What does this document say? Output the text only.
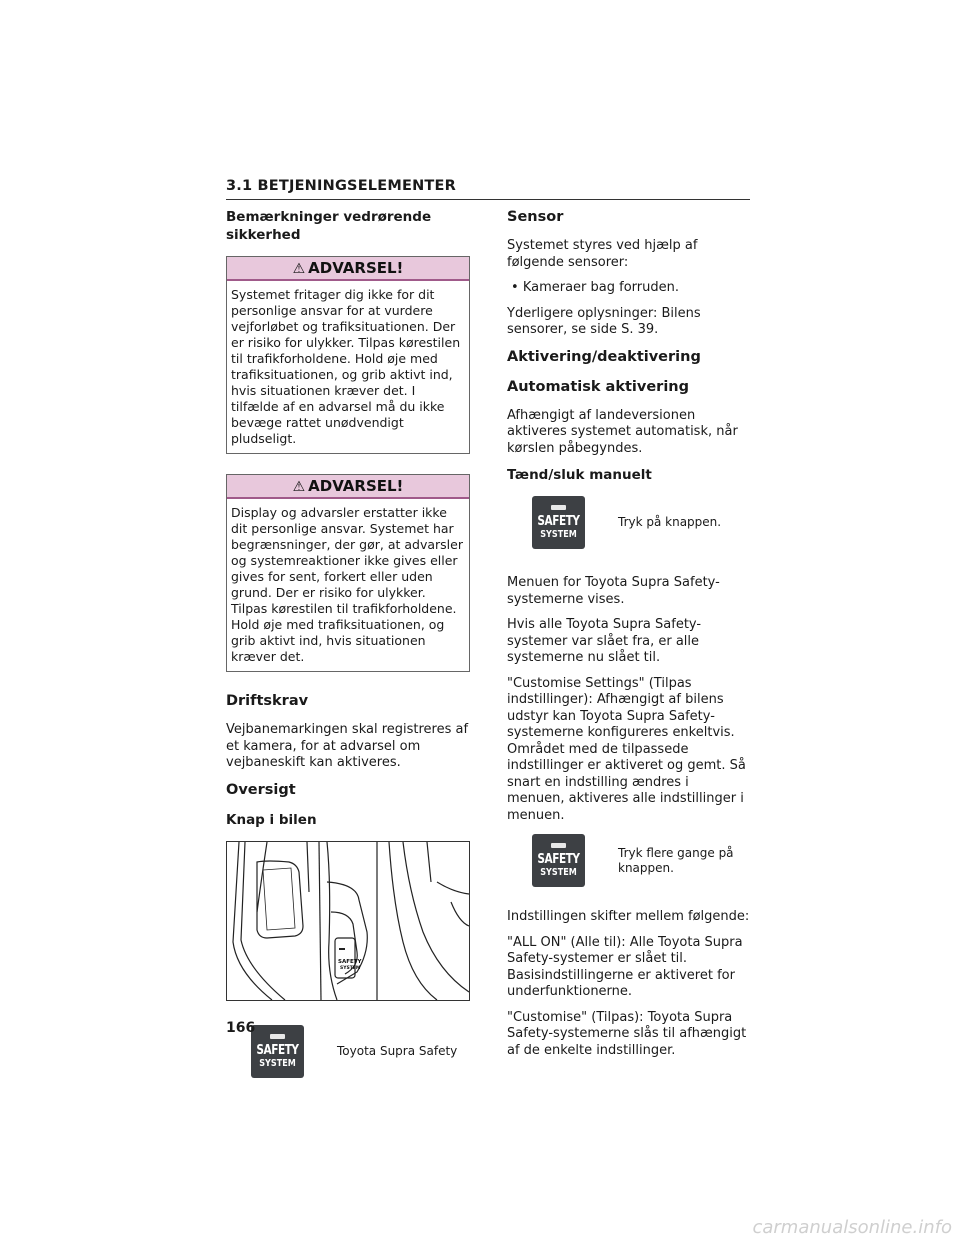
3.1 BETJENINGSELEMENTER
Bemærkninger vedrørende sikkerhed
⚠ ADVARSEL!
Systemet fritager dig ikke for dit personlige ansvar for at vurdere vejforløbet og trafiksituationen. Der er risiko for ulykker. Tilpas kørestilen til trafikforholdene. Hold øje med trafiksituationen, og grib aktivt ind, hvis situationen kræver det. I tilfælde af en advarsel må du ikke bevæge rattet unødvendigt pludseligt.
⚠ ADVARSEL!
Display og advarsler erstatter ikke dit personlige ansvar. Systemet har begrænsninger, der gør, at advarsler og systemreaktioner ikke gives eller gives for sent, forkert eller uden grund. Der er risiko for ulykker. Tilpas kørestilen til trafikforholdene. Hold øje med trafiksituationen, og grib aktivt ind, hvis situationen kræver det.
Driftskrav

Vejbanemarkingen skal registreres af et kamera, for at advarsel om vejbaneskift kan aktiveres.

Oversigt
Knap i bilen
SAFETY
SYSTEM
SAFETY
SYSTEM
Toyota Supra Safety
Sensor

Systemet styres ved hjælp af følgende sensorer:

• Kameraer bag forruden.

Yderligere oplysninger: Bilens sensorer, se side S. 39.

Aktivering/deaktivering
Automatisk aktivering

Afhængigt af landeversionen aktiveres systemet automatisk, når kørslen påbegyndes.

Tænd/sluk manuelt
SAFETY
SYSTEM
Tryk på knappen.

Menuen for Toyota Supra Safety-systemerne vises.

Hvis alle Toyota Supra Safety-systemer var slået fra, er alle systemerne nu slået til.

"Customise Settings" (Tilpas indstillinger): Afhængigt af bilens udstyr kan Toyota Supra Safety-systemerne konfigureres enkeltvis. Området med de tilpassede indstillinger er aktiveret og gemt. Så snart en indstilling ændres i menuen, aktiveres alle indstillinger i menuen.

SAFETY
SYSTEM
Tryk flere gange på knappen.

Indstillingen skifter mellem følgende:

"ALL ON" (Alle til): Alle Toyota Supra Safety-systemer er slået til. Basisindstillingerne er aktiveret for underfunktionerne.

"Customise" (Tilpas): Toyota Supra Safety-systemerne slås til afhængigt af de enkelte indstillinger.

166
carmanualsonline.info
